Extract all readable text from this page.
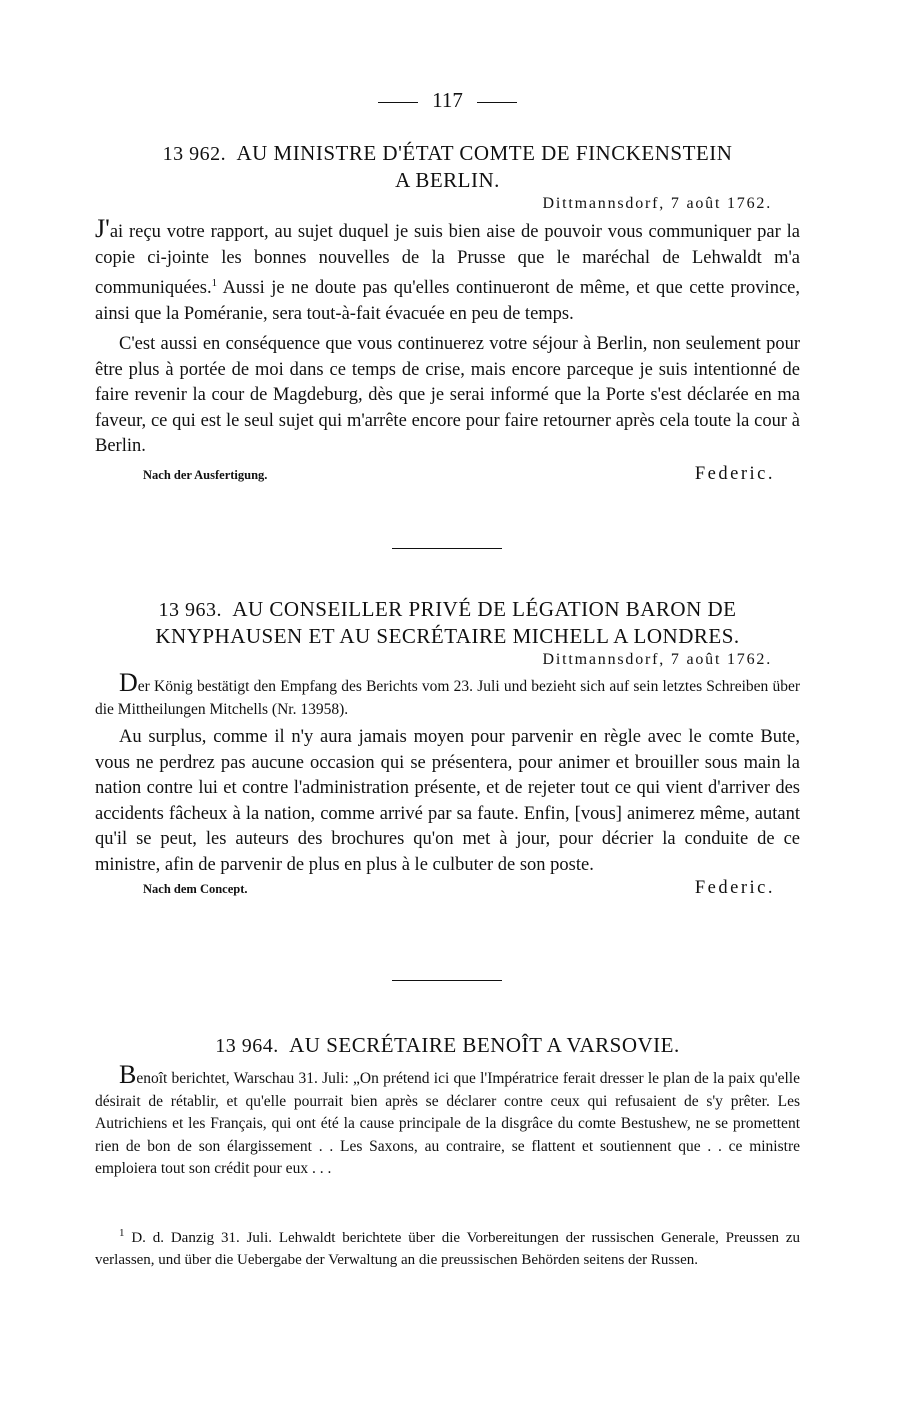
117
13 962. AU MINISTRE D'ÉTAT COMTE DE FINCKENSTEIN
A BERLIN.
Dittmannsdorf, 7 août 1762.

J'ai reçu votre rapport, au sujet duquel je suis bien aise de pouvoir vous communiquer par la copie ci-jointe les bonnes nouvelles de la Prusse que le maréchal de Lehwaldt m'a communiquées.$^1$ Aussi je ne doute pas qu'elles continueront de même, et que cette province, ainsi que la Poméranie, sera tout-à-fait évacuée en peu de temps.

C'est aussi en conséquence que vous continuerez votre séjour à Berlin, non seulement pour être plus à portée de moi dans ce temps de crise, mais encore parceque je suis intentionné de faire revenir la cour de Magdeburg, dès que je serai informé que la Porte s'est déclarée en ma faveur, ce qui est le seul sujet qui m'arrête encore pour faire retourner après cela toute la cour à Berlin.

Nach der Ausfertigung.	Federic.
13 963. AU CONSEILLER PRIVÉ DE LÉGATION BARON DE
KNYPHAUSEN ET AU SECRÉTAIRE MICHELL A LONDRES.
Dittmannsdorf, 7 août 1762.

Der König bestätigt den Empfang des Berichts vom 23. Juli und bezieht sich auf sein letztes Schreiben über die Mittheilungen Mitchells (Nr. 13958).

Au surplus, comme il n'y aura jamais moyen pour parvenir en règle avec le comte Bute, vous ne perdrez pas aucune occasion qui se présentera, pour animer et brouiller sous main la nation contre lui et contre l'administration présente, et de rejeter tout ce qui vient d'arriver des accidents fâcheux à la nation, comme arrivé par sa faute. Enfin, [vous] animerez même, autant qu'il se peut, les auteurs des brochures qu'on met à jour, pour décrier la conduite de ce ministre, afin de parvenir de plus en plus à le culbuter de son poste.

Nach dem Concept.	Federic.
13 964. AU SECRÉTAIRE BENOÎT A VARSOVIE.

Benoît berichtet, Warschau 31. Juli: „On prétend ici que l'Impératrice ferait dresser le plan de la paix qu'elle désirait de rétablir, et qu'elle pourrait bien après se déclarer contre ceux qui refusaient de s'y prêter. Les Autrichiens et les Français, qui ont été la cause principale de la disgrâce du comte Bestushew, ne se promettent rien de bon de son élargissement . . Les Saxons, au contraire, se flattent et soutiennent que . . ce ministre emploiera tout son crédit pour eux . . .

$^1$ D. d. Danzig 31. Juli. Lehwaldt berichtete über die Vorbereitungen der russischen Generale, Preussen zu verlassen, und über die Uebergabe der Verwaltung an die preussischen Behörden seitens der Russen.
